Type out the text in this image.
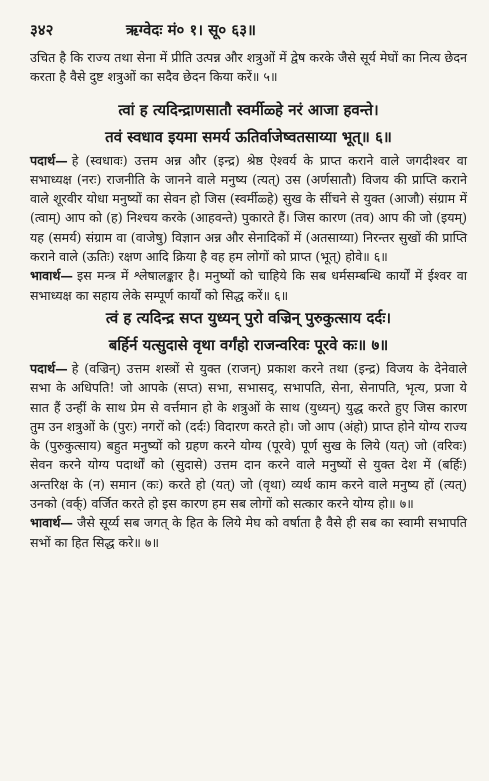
३४२	ऋग्वेदः मं० १। सू० ६३॥

उचित है कि राज्य तथा सेना में प्रीति उत्पन्न और शत्रुओं में द्वेष करके जैसे सूर्य मेघों का नित्य छेदन करता है वैसे दुष्ट शत्रुओं का सदैव छेदन किया करें॥ ५॥

त्वां ह त्यदिन्द्राणसातौ स्वर्मीळ्हे नरं आजा हवन्ते।
तवं स्वधाव इयमा समर्य ऊतिर्वाजेष्वतसाय्या भूत्॥ ६॥

पदार्थ— हे (स्वधावः) उत्तम अन्न और (इन्द्र) श्रेष्ठ ऐश्वर्य के प्राप्त कराने वाले जगदीश्वर वा सभाध्यक्ष (नरः) राजनीति के जानने वाले मनुष्य (त्यत्) उस (अर्णसातौ) विजय की प्राप्ति कराने वाले शूरवीर योधा मनुष्यों का सेवन हो जिस (स्वर्मीळ्हे) सुख के सींचने से युक्त (आजौ) संग्राम में (त्वाम्) आप को (ह) निश्चय करके (आहवन्ते) पुकारते हैं। जिस कारण (तव) आप की जो (इयम्) यह (समर्य) संग्राम वा (वाजेषु) विज्ञान अन्न और सेनादिकों में (अतसाय्या) निरन्तर सुखों की प्राप्ति कराने वाले (ऊतिः) रक्षण आदि क्रिया है वह हम लोगों को प्राप्त (भूत्) होवे॥ ६॥

भावार्थ— इस मन्त्र में श्लेषालङ्कार है। मनुष्यों को चाहिये कि सब धर्मसम्बन्धि कार्यों में ईश्वर वा सभाध्यक्ष का सहाय लेके सम्पूर्ण कार्यों को सिद्ध करें॥ ६॥

त्वं ह त्यदिन्द्र सप्त युध्यन् पुरो वज्रिन् पुरुकुत्साय दर्दः।
बर्हिर्न यत्सुदासे वृथा वर्गंहो राजन्वरिवः पूरवे कः॥ ७॥

पदार्थ— हे (वज्रिन्) उत्तम शस्त्रों से युक्त (राजन्) प्रकाश करने तथा (इन्द्र) विजय के देनेवाले सभा के अधिपति! जो आपके (सप्त) सभा, सभासद्, सभापति, सेना, सेनापति, भृत्य, प्रजा ये सात हैं उन्हीं के साथ प्रेम से वर्त्तमान हो के शत्रुओं के साथ (युध्यन्) युद्ध करते हुए जिस कारण तुम उन शत्रुओं के (पुरः) नगरों को (दर्दः) विदारण करते हो। जो आप (अंहो) प्राप्त होने योग्य राज्य के (पुरुकुत्साय) बहुत मनुष्यों को ग्रहण करने योग्य (पूरवे) पूर्ण सुख के लिये (यत्) जो (वरिवः) सेवन करने योग्य पदार्थों को (सुदासे) उत्तम दान करने वाले मनुष्यों से युक्त देश में (बर्हिः) अन्तरिक्ष के (न) समान (कः) करते हो (यत्) जो (वृथा) व्यर्थ काम करने वाले मनुष्य हों (त्यत्) उनको (वर्क्) वर्जित करते हो इस कारण हम सब लोगों को सत्कार करने योग्य हो॥ ७॥

भावार्थ— जैसे सूर्य्य सब जगत् के हित के लिये मेघ को वर्षाता है वैसे ही सब का स्वामी सभापति सभों का हित सिद्ध करे॥ ७॥
